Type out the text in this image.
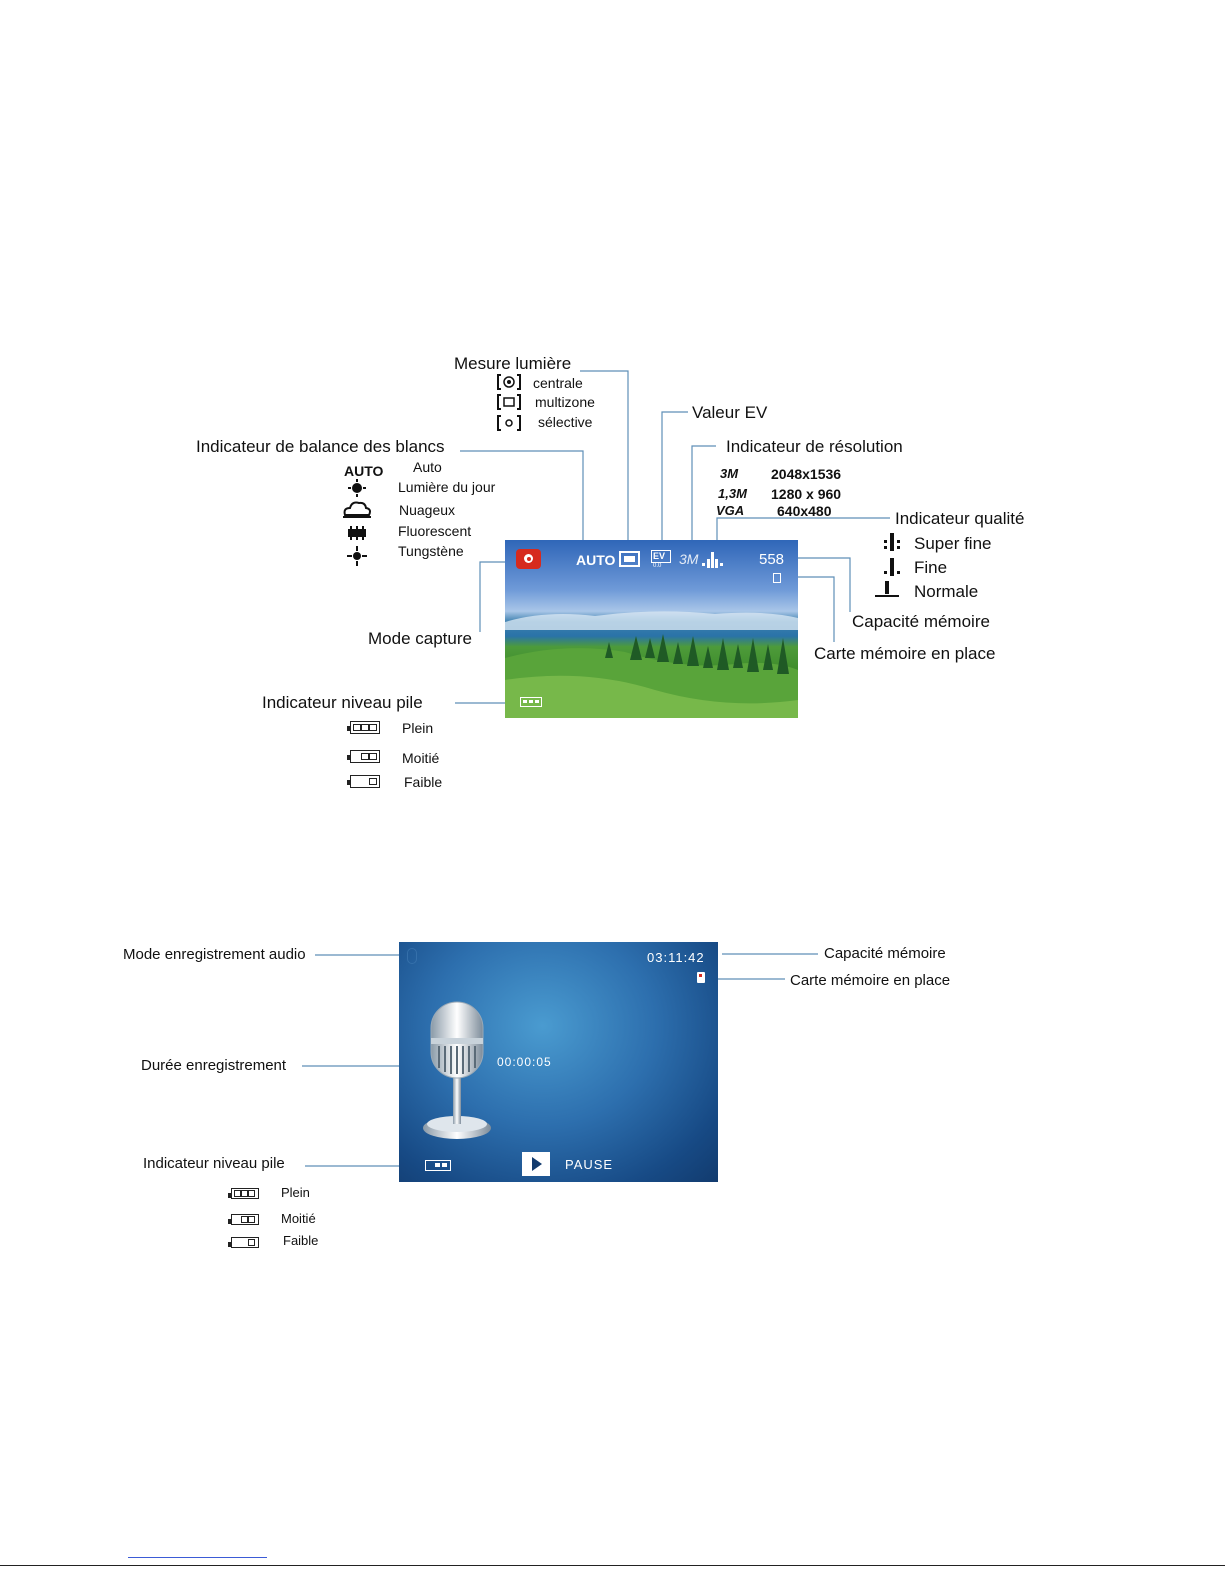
Mesure lumière
centrale
multizone
sélective	Valeur EV
Indicateur de résolution
3M 2048x1536
1,3M 1280 x 960
VGA 640x480
Indicateur de balance des blancs
AUTO Auto
Lumière du jour
Nuageux
Fluorescent
Tungstène
Indicateur qualité
Super fine
Fine
Normale
Capacité mémoire
Carte mémoire en place
Mode capture
Indicateur niveau pile
Plein
Moitié
Faible
AUTO	EV
0.0 3M	558
Mode enregistrement audio	Capacité mémoire
Carte mémoire en place
Durée enregistrement
Indicateur niveau pile
Plein
Moitié
Faible
03:11:42
00:00:05
PAUSE
